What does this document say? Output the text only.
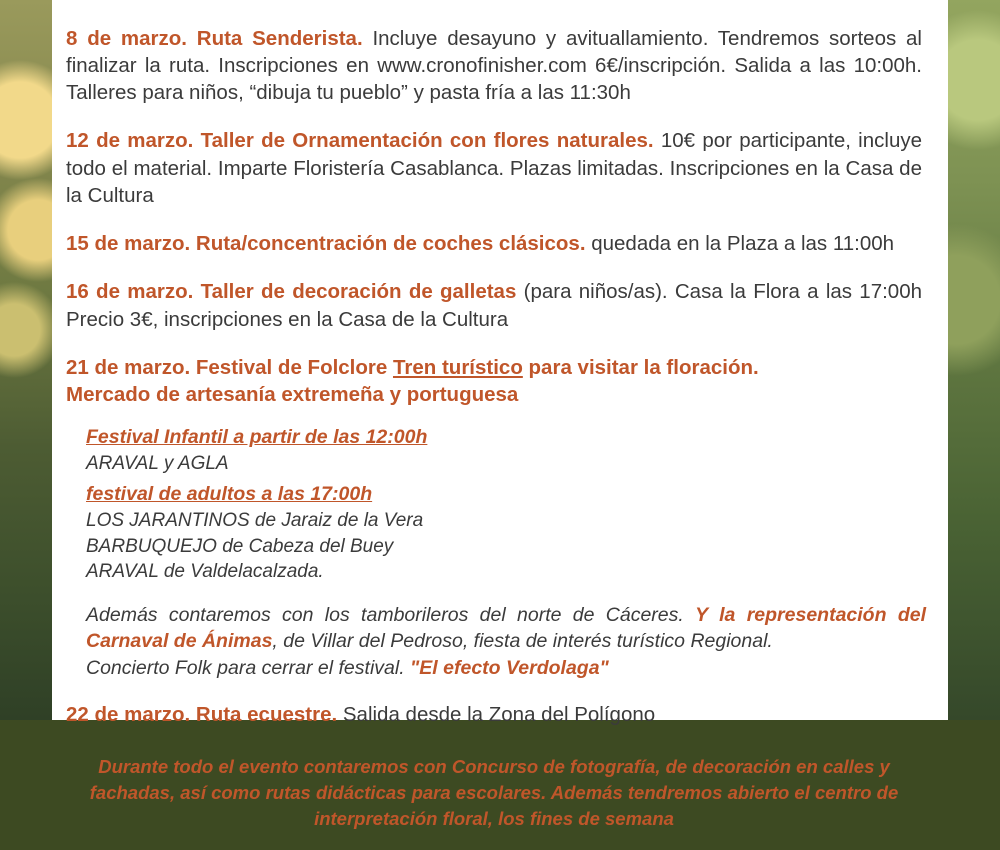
8 de marzo. Ruta Senderista. Incluye desayuno y avituallamiento. Tendremos sorteos al finalizar la ruta. Inscripciones en www.cronofinisher.com 6€/inscripción. Salida a las 10:00h. Talleres para niños, “dibuja tu pueblo” y pasta fría a las 11:30h

12 de marzo. Taller de Ornamentación con flores naturales. 10€ por participante, incluye todo el material. Imparte Floristería Casablanca. Plazas limitadas. Inscripciones en la Casa de la Cultura

15 de marzo. Ruta/concentración de coches clásicos. quedada en la Plaza a las 11:00h

16 de marzo. Taller de decoración de galletas (para niños/as). Casa la Flora a las 17:00h Precio 3€, inscripciones en la Casa de la Cultura

21 de marzo. Festival de Folclore Tren turístico para visitar la floración.
Mercado de artesanía extremeña y portuguesa

Festival Infantil a partir de las 12:00h
ARAVAL y AGLA
festival de adultos a las 17:00h
LOS JARANTINOS de Jaraiz de la Vera
BARBUQUEJO de Cabeza del Buey
ARAVAL de Valdelacalzada.

Además contaremos con los tamborileros del norte de Cáceres. Y la representación del Carnaval de Ánimas, de Villar del Pedroso, fiesta de interés turístico Regional.
Concierto Folk para cerrar el festival. "El efecto Verdolaga"

22 de marzo. Ruta ecuestre. Salida desde la Zona del Polígono

Durante todo el evento contaremos con Concurso de fotografía, de decoración en calles y fachadas, así como rutas didácticas para escolares. Además tendremos abierto el centro de interpretación floral, los fines de semana
